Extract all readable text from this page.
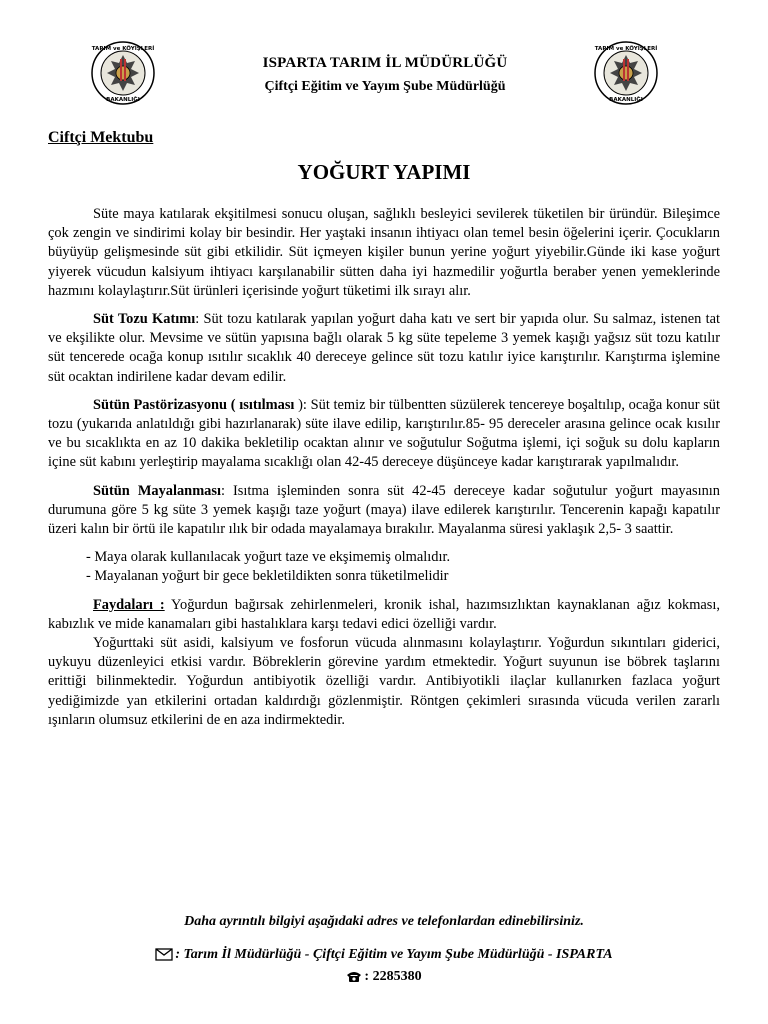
TARIM ve KÖYİŞLERİ
BAKANLIĞI
TARIM ve KÖYİŞLERİ
BAKANLIĞI
ISPARTA TARIM İL MÜDÜRLÜĞÜ
Çiftçi Eğitim ve Yayım Şube Müdürlüğü
Ciftçi Mektubu
YOĞURT YAPIMI

Süte maya katılarak ekşitilmesi sonucu oluşan, sağlıklı besleyici sevilerek tüketilen bir üründür. Bileşimce çok zengin ve sindirimi kolay bir besindir. Her yaştaki insanın ihtiyacı olan temel besin öğelerini içerir. Çocukların büyüyüp gelişmesinde süt gibi etkilidir. Süt içmeyen kişiler bunun yerine yoğurt yiyebilir.Günde iki kase yoğurt yiyerek vücudun kalsiyum ihtiyacı karşılanabilir sütten daha iyi hazmedilir yoğurtla beraber yenen yemeklerinde hazmını kolaylaştırır.Süt ürünleri içerisinde yoğurt tüketimi ilk sırayı alır.

Süt Tozu Katımı: Süt tozu katılarak yapılan yoğurt daha katı ve sert bir yapıda olur. Su salmaz, istenen tat ve ekşilikte olur. Mevsime ve sütün yapısına bağlı olarak 5 kg süte tepeleme 3 yemek kaşığı yağsız süt tozu katılır süt tencerede ocağa konup ısıtılır sıcaklık 40 dereceye gelince süt tozu katılır iyice karıştırılır. Karıştırma işlemine süt ocaktan indirilene kadar devam edilir.

Sütün Pastörizasyonu ( ısıtılması ): Süt temiz bir tülbentten süzülerek tencereye boşaltılıp, ocağa konur süt tozu (yukarıda anlatıldığı gibi hazırlanarak) süte ilave edilip, karıştırılır.85- 95 dereceler arasına gelince ocak kısılır ve bu sıcaklıkta en az 10 dakika bekletilip ocaktan alınır ve soğutulur Soğutma işlemi, içi soğuk su dolu kapların içine süt kabını yerleştirip mayalama sıcaklığı olan 42-45 dereceye düşünceye kadar karıştırarak yapılmalıdır.

Sütün Mayalanması: Isıtma işleminden sonra süt 42-45 dereceye kadar soğutulur yoğurt mayasının durumuna göre 5 kg süte 3 yemek kaşığı taze yoğurt (maya) ilave edilerek karıştırılır. Tencerenin kapağı kapatılır üzeri kalın bir örtü ile kapatılır ılık bir odada mayalamaya bırakılır. Mayalanma süresi yaklaşık 2,5- 3 saattir.

- Maya olarak kullanılacak yoğurt taze ve ekşimemiş olmalıdır.

- Mayalanan yoğurt bir gece bekletildikten sonra tüketilmelidir

Faydaları : Yoğurdun bağırsak zehirlenmeleri, kronik ishal, hazımsızlıktan kaynaklanan ağız kokması, kabızlık ve mide kanamaları gibi hastalıklara karşı tedavi edici özelliği vardır.

Yoğurttaki süt asidi, kalsiyum ve fosforun vücuda alınmasını kolaylaştırır. Yoğurdun sıkıntıları giderici, uykuyu düzenleyici etkisi vardır. Böbreklerin görevine yardım etmektedir. Yoğurt suyunun ise böbrek taşlarını erittiği bilinmektedir. Yoğurdun antibiyotik özelliği vardır. Antibiyotikli ilaçlar kullanırken fazlaca yoğurt yediğimizde yan etkilerini ortadan kaldırdığı gözlenmiştir. Röntgen çekimleri sırasında vücuda verilen zararlı ışınların olumsuz etkilerini de en aza indirmektedir.

Daha ayrıntılı bilgiyi aşağıdaki adres ve telefonlardan edinebilirsiniz.
: Tarım İl Müdürlüğü - Çiftçi Eğitim ve Yayım Şube Müdürlüğü - ISPARTA
: 2285380
